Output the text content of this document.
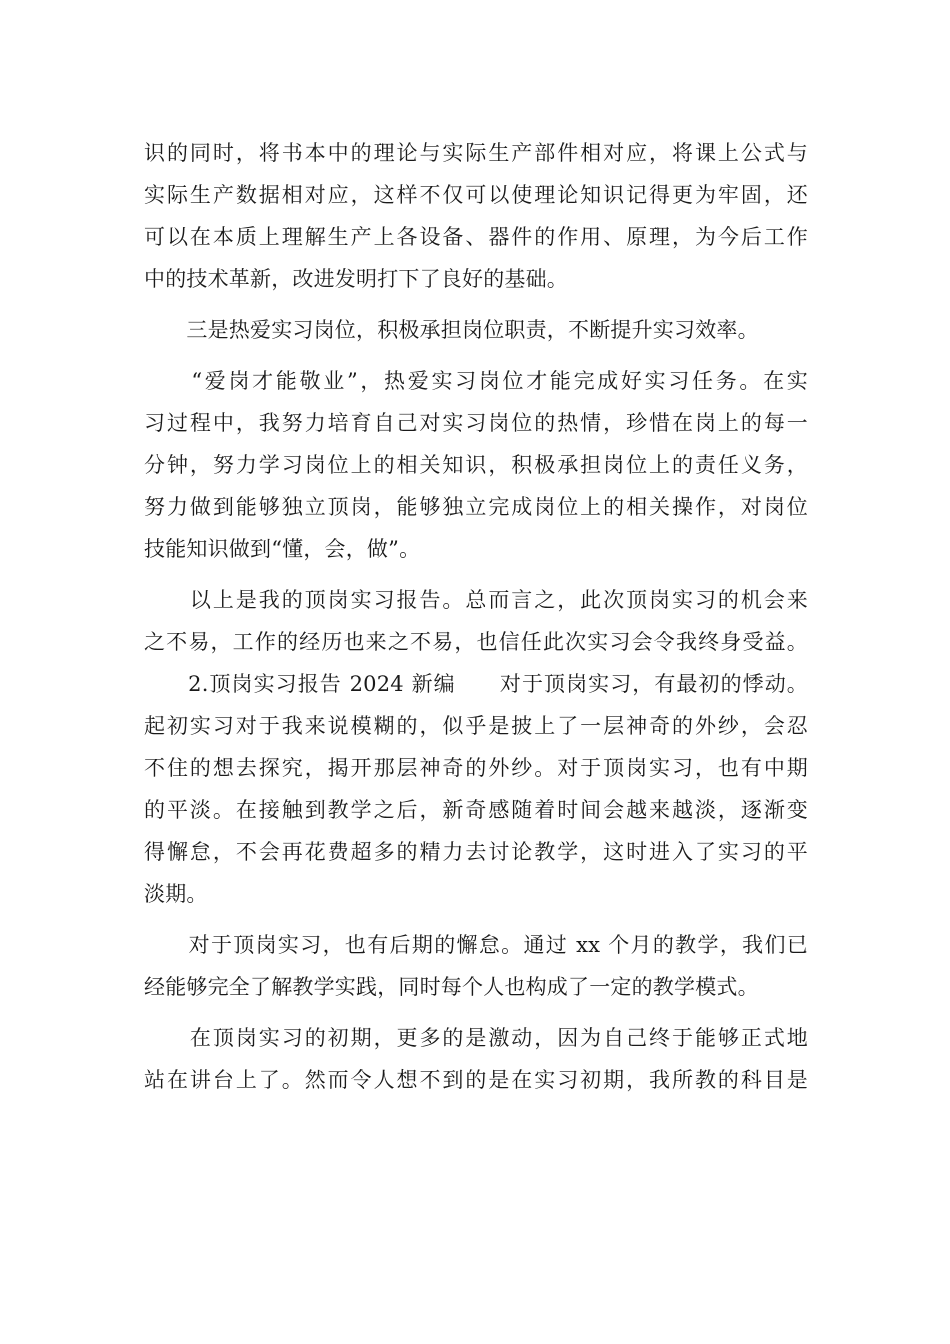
识的同时，将书本中的理论与实际生产部件相对应，将课上公式与
实际生产数据相对应，这样不仅可以使理论知识记得更为牢固，还
可以在本质上理解生产上各设备、器件的作用、原理，为今后工作
中的技术革新，改进发明打下了良好的基础。
　　三是热爱实习岗位，积极承担岗位职责，不断提升实习效率。
　　“爱岗才能敬业”，热爱实习岗位才能完成好实习任务。在实
习过程中，我努力培育自己对实习岗位的热情，珍惜在岗上的每一
分钟，努力学习岗位上的相关知识，积极承担岗位上的责任义务，
努力做到能够独立顶岗，能够独立完成岗位上的相关操作，对岗位
技能知识做到“懂，会，做”。
　　以上是我的顶岗实习报告。总而言之，此次顶岗实习的机会来
之不易，工作的经历也来之不易，也信任此次实习会令我终身受益。
　　2.顶岗实习报告 2024 新编　　对于顶岗实习，有最初的悸动。
起初实习对于我来说模糊的，似乎是披上了一层神奇的外纱，会忍
不住的想去探究，揭开那层神奇的外纱。对于顶岗实习，也有中期
的平淡。在接触到教学之后，新奇感随着时间会越来越淡，逐渐变
得懈怠，不会再花费超多的精力去讨论教学，这时进入了实习的平
淡期。
　　对于顶岗实习，也有后期的懈怠。通过 xx 个月的教学，我们已
经能够完全了解教学实践，同时每个人也构成了一定的教学模式。
　　在顶岗实习的初期，更多的是激动，因为自己终于能够正式地
站在讲台上了。然而令人想不到的是在实习初期，我所教的科目是
